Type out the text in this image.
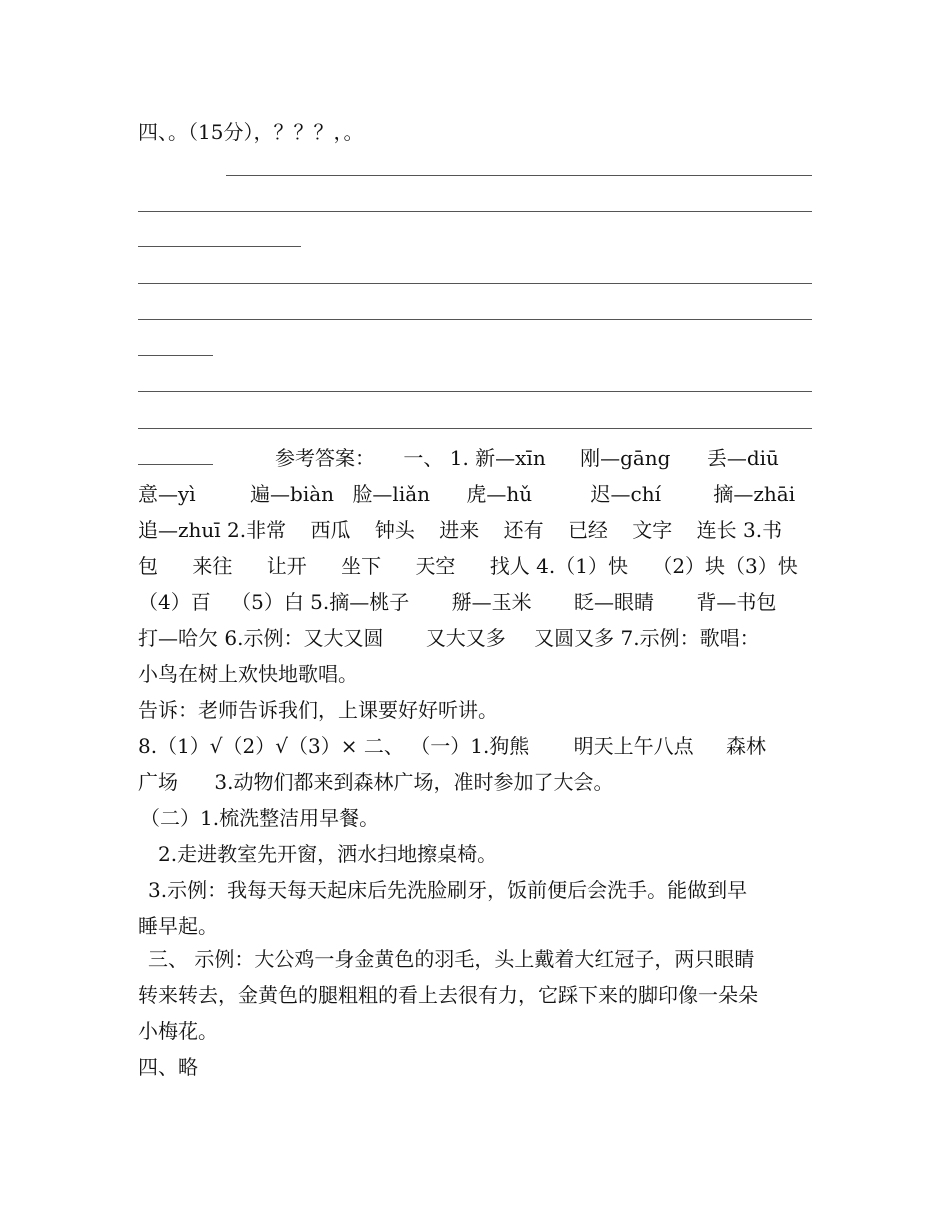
四、。（15分），？？？，。
参考答案： 一、 1. 新—xīn 刚—gāng 丢—diū
意—yì	遍—biàn 脸—liǎn 虎—hǔ	迟—chí	摘—zhāi
追—zhuī 2.非常 西瓜 钟头 进来 还有 已经 文字 连长 3.书
包 来往 让开 坐下 天空 找人 4.（1）快 （2）块（3）快
（4）百 （5）白 5.摘—桃子 掰—玉米 眨—眼睛 背—书包
打—哈欠 6.示例：又大又圆 又大又多 又圆又多 7.示例：歌唱：
小鸟在树上欢快地歌唱。
告诉：老师告诉我们，上课要好好听讲。
8.（1）√（2）√（3）× 二、 （一）1.狗熊 明天上午八点 森林
广场 3.动物们都来到森林广场，准时参加了大会。
（二）1.梳洗整洁用早餐。
2.走进教室先开窗，洒水扫地擦桌椅。
3.示例：我每天每天起床后先洗脸刷牙，饭前便后会洗手。能做到早
睡早起。
三、 示例：大公鸡一身金黄色的羽毛，头上戴着大红冠子，两只眼睛
转来转去，金黄色的腿粗粗的看上去很有力，它踩下来的脚印像一朵朵
小梅花。
四、略
